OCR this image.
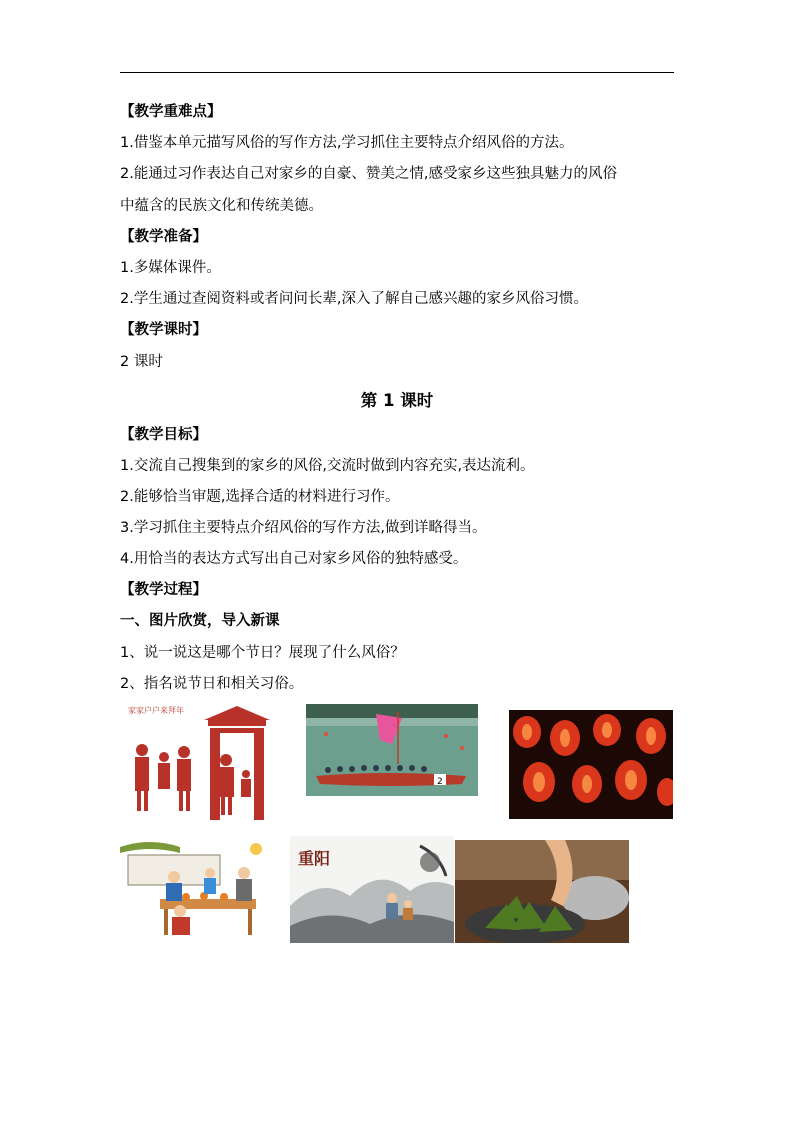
【教学重难点】
1.借鉴本单元描写风俗的写作方法,学习抓住主要特点介绍风俗的方法。
2.能通过习作表达自己对家乡的自豪、赞美之情,感受家乡这些独具魅力的风俗
中蕴含的民族文化和传统美德。
【教学准备】
1.多媒体课件。
2.学生通过查阅资料或者问问长辈,深入了解自己感兴趣的家乡风俗习惯。
【教学课时】
2 课时
第 1 课时
【教学目标】
1.交流自己搜集到的家乡的风俗,交流时做到内容充实,表达流利。
2.能够恰当审题,选择合适的材料进行习作。
3.学习抓住主要特点介绍风俗的写作方法,做到详略得当。
4.用恰当的表达方式写出自己对家乡风俗的独特感受。
【教学过程】
一、图片欣赏，导入新课
1、说一说这是哪个节日？展现了什么风俗？
2、指名说节日和相关习俗。
家家户户来拜年
2
重阳
